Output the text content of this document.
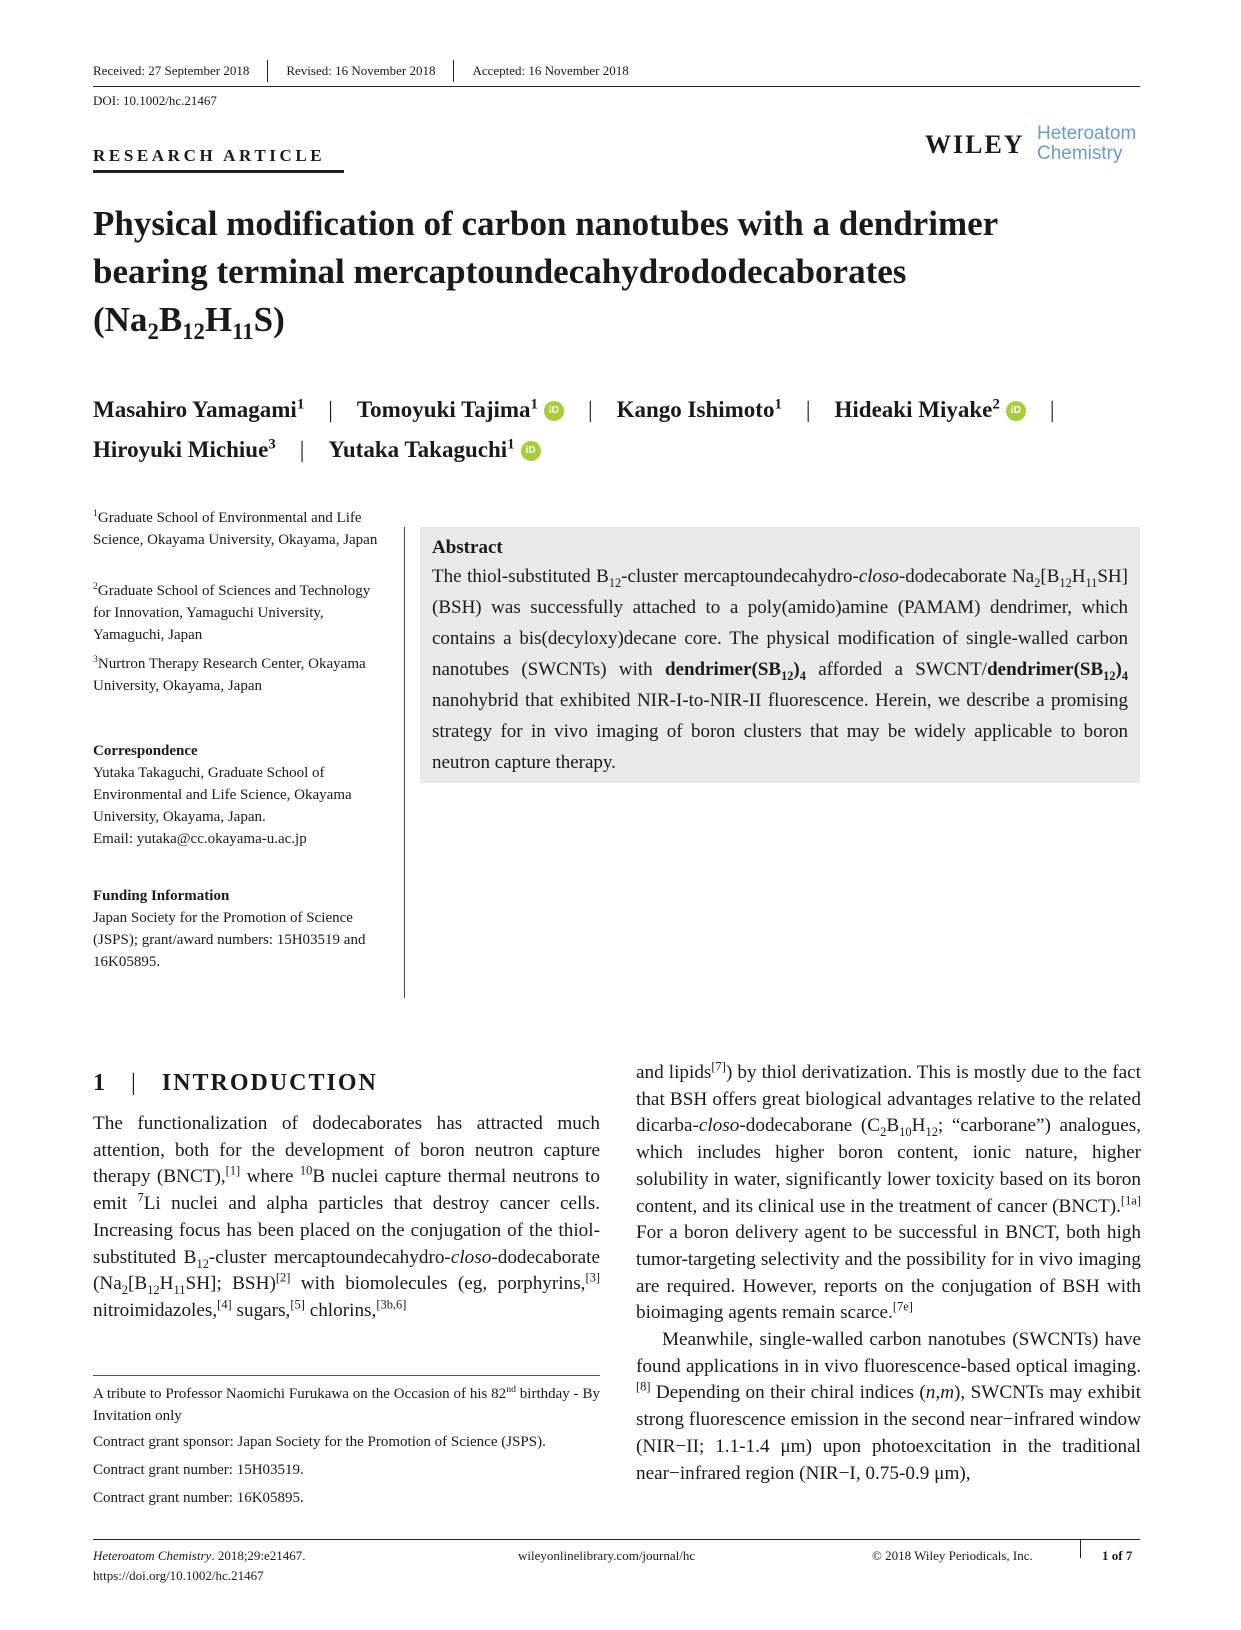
Received: 27 September 2018	Revised: 16 November 2018	Accepted: 16 November 2018
DOI: 10.1002/hc.21467
RESEARCH ARTICLE	WILEY Heteroatom
Chemistry
Physical modification of carbon nanotubes with a dendrimer
bearing terminal mercaptoundecahydrododecaborates
$(Na_2B_{12}H_{11}S)$
Masahiro Yamagami$^1$ | Tomoyuki Tajima$^1$ iD | Kango Ishimoto$^1$ | Hideaki Miyake$^2$ iD |
Hiroyuki Michiue$^3$ | Yutaka Takaguchi$^1$ iD
$^1$Graduate School of Environmental and Life Science, Okayama University, Okayama, Japan
$^2$Graduate School of Sciences and Technology for Innovation, Yamaguchi University, Yamaguchi, Japan
$^3$Nurtron Therapy Research Center, Okayama University, Okayama, Japan
Correspondence
Yutaka Takaguchi, Graduate School of Environmental and Life Science, Okayama University, Okayama, Japan.
Email: yutaka@cc.okayama-u.ac.jp
Funding Information
Japan Society for the Promotion of Science (JSPS); grant/award numbers: 15H03519 and 16K05895.
Abstract
The thiol-substituted $B_{12}$-cluster mercaptoundecahydro-closo-dodecaborate $Na_2[B_{12}H_{11}SH]$ (BSH) was successfully attached to a poly(amido)amine (PAMAM) dendrimer, which contains a bis(decyloxy)decane core. The physical modification of single-walled carbon nanotubes (SWCNTs) with $dendrimer(SB_{12})_4$ afforded a SWCNT/$dendrimer(SB_{12})_4$ nanohybrid that exhibited NIR-I-to-NIR-II fluorescence. Herein, we describe a promising strategy for in vivo imaging of boron clusters that may be widely applicable to boron neutron capture therapy.
1 | INTRODUCTION
The functionalization of dodecaborates has attracted much attention, both for the development of boron neutron capture therapy (BNCT),[1] where $^{10}$B nuclei capture thermal neutrons to emit $^7$Li nuclei and alpha particles that destroy cancer cells. Increasing focus has been placed on the conjugation of the thiol-substituted $B_{12}$-cluster mercaptoundecahydro-closo-dodecaborate ($Na_2[B_{12}H_{11}SH]$; BSH)[2] with biomolecules (eg, porphyrins,[3] nitroimidazoles,[4] sugars,[5] chlorins,[3b,6]
A tribute to Professor Naomichi Furukawa on the Occasion of his 82nd birthday - By Invitation only
Contract grant sponsor: Japan Society for the Promotion of Science (JSPS).
Contract grant number: 15H03519.
Contract grant number: 16K05895.
and lipids[7]) by thiol derivatization. This is mostly due to the fact that BSH offers great biological advantages relative to the related dicarba-closo-dodecaborane ($C_2B_{10}H_{12}$; “carborane”) analogues, which includes higher boron content, ionic nature, higher solubility in water, significantly lower toxicity based on its boron content, and its clinical use in the treatment of cancer (BNCT).[1a] For a boron delivery agent to be successful in BNCT, both high tumor-targeting selectivity and the possibility for in vivo imaging are required. However, reports on the conjugation of BSH with bioimaging agents remain scarce.[7e]
Meanwhile, single-walled carbon nanotubes (SWCNTs) have found applications in in vivo fluorescence-based optical imaging.[8] Depending on their chiral indices (n,m), SWCNTs may exhibit strong fluorescence emission in the second near−infrared window (NIR−II; 1.1-1.4 μm) upon photoexcitation in the traditional near−infrared region (NIR−I, 0.75-0.9 μm),
Heteroatom Chemistry. 2018;29:e21467.
https://doi.org/10.1002/hc.21467
wileyonlinelibrary.com/journal/hc	© 2018 Wiley Periodicals, Inc.	1 of 7
